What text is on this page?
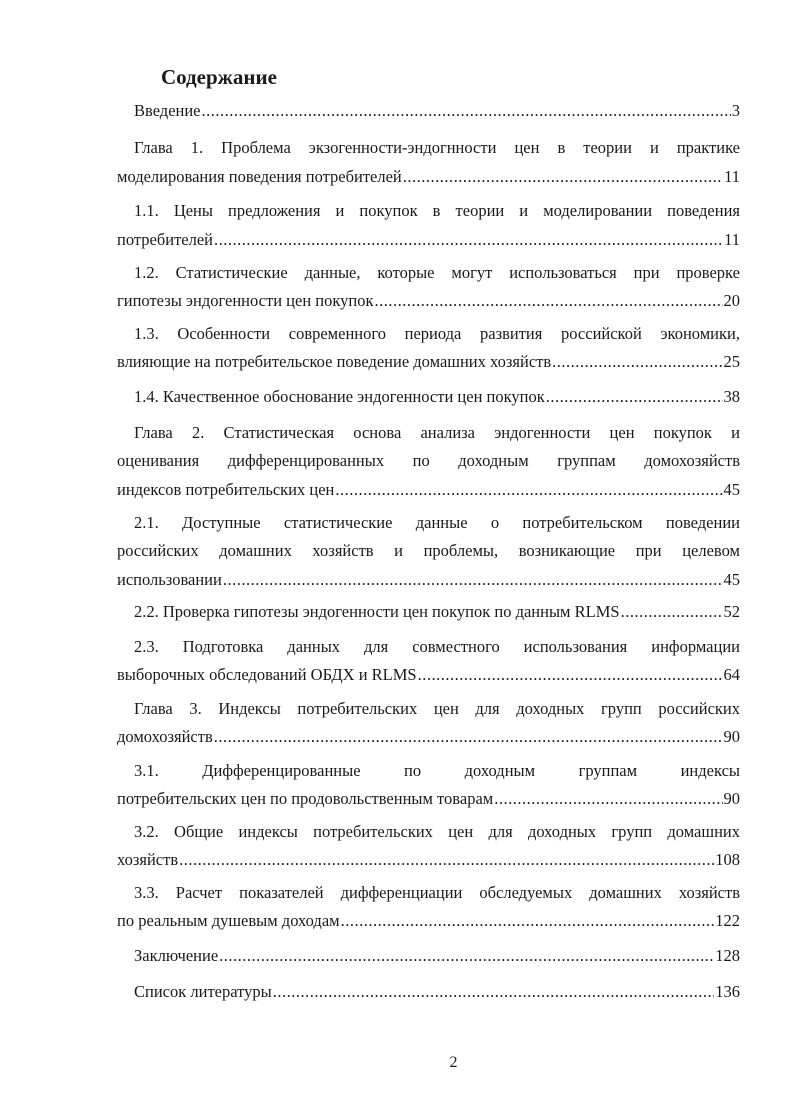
Содержание
Введение .....	3
Глава 1. Проблема экзогенности-эндогнности цен в теории и практике
моделирования поведения потребителей .....	11
1.1. Цены предложения и покупок в теории и моделировании поведения
потребителей .....	11
1.2. Статистические данные, которые могут использоваться при проверке
гипотезы эндогенности цен покупок .....	20
1.3. Особенности современного периода развития российской экономики,
влияющие на потребительское поведение домашних хозяйств .....	25
1.4. Качественное обоснование эндогенности цен покупок .....	38
Глава 2. Статистическая основа анализа эндогенности цен покупок и
оценивания дифференцированных по доходным группам домохозяйств
индексов потребительских цен .....	45
2.1. Доступные статистические данные о потребительском поведении
российских домашних хозяйств и проблемы, возникающие при целевом
использовании .....	45
2.2. Проверка гипотезы эндогенности цен покупок по данным RLMS .....	52
2.3. Подготовка данных для совместного использования информации
выборочных обследований ОБДХ и RLMS .....	64
Глава 3. Индексы потребительских цен для доходных групп российских
домохозяйств .....	90
3.1. Дифференцированные по доходным группам индексы
потребительских цен по продовольственным товарам .....	90
3.2. Общие индексы потребительских цен для доходных групп домашних
хозяйств .....	108
3.3. Расчет показателей дифференциации обследуемых домашних хозяйств
по реальным душевым доходам .....	122
Заключение .....	128
Список литературы .....	136
2
